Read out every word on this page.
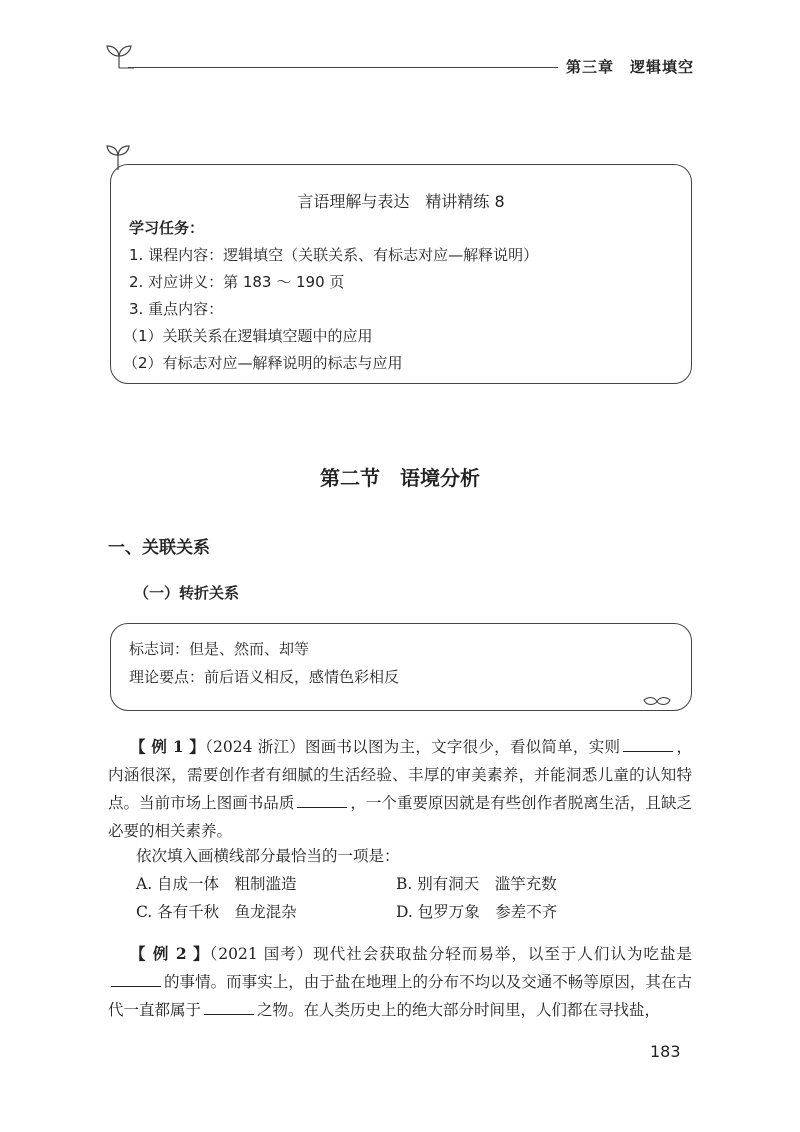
第三章　逻辑填空
言语理解与表达　精讲精练 8
学习任务：
1. 课程内容：逻辑填空（关联关系、有标志对应—解释说明）
2. 对应讲义：第 183 ～ 190 页
3. 重点内容：
（1）关联关系在逻辑填空题中的应用
（2）有标志对应—解释说明的标志与应用
第二节　语境分析
一、关联关系
（一）转折关系
标志词：但是、然而、却等
理论要点：前后语义相反，感情色彩相反
【 例 1 】（2024 浙江）图画书以图为主，文字很少，看似简单，实则	，内涵很深，需要创作者有细腻的生活经验、丰厚的审美素养，并能洞悉儿童的认知特点。当前市场上图画书品质	，一个重要原因就是有些创作者脱离生活，且缺乏必要的相关素养。
依次填入画横线部分最恰当的一项是：
A. 自成一体　粗制滥造	B. 别有洞天　滥竽充数
C. 各有千秋　鱼龙混杂	D. 包罗万象　参差不齐
【 例 2 】（2021 国考）现代社会获取盐分轻而易举，以至于人们认为吃盐是的事情。而事实上，由于盐在地理上的分布不均以及交通不畅等原因，其在古代一直都属于	之物。在人类历史上的绝大部分时间里，人们都在寻找盐，
183
